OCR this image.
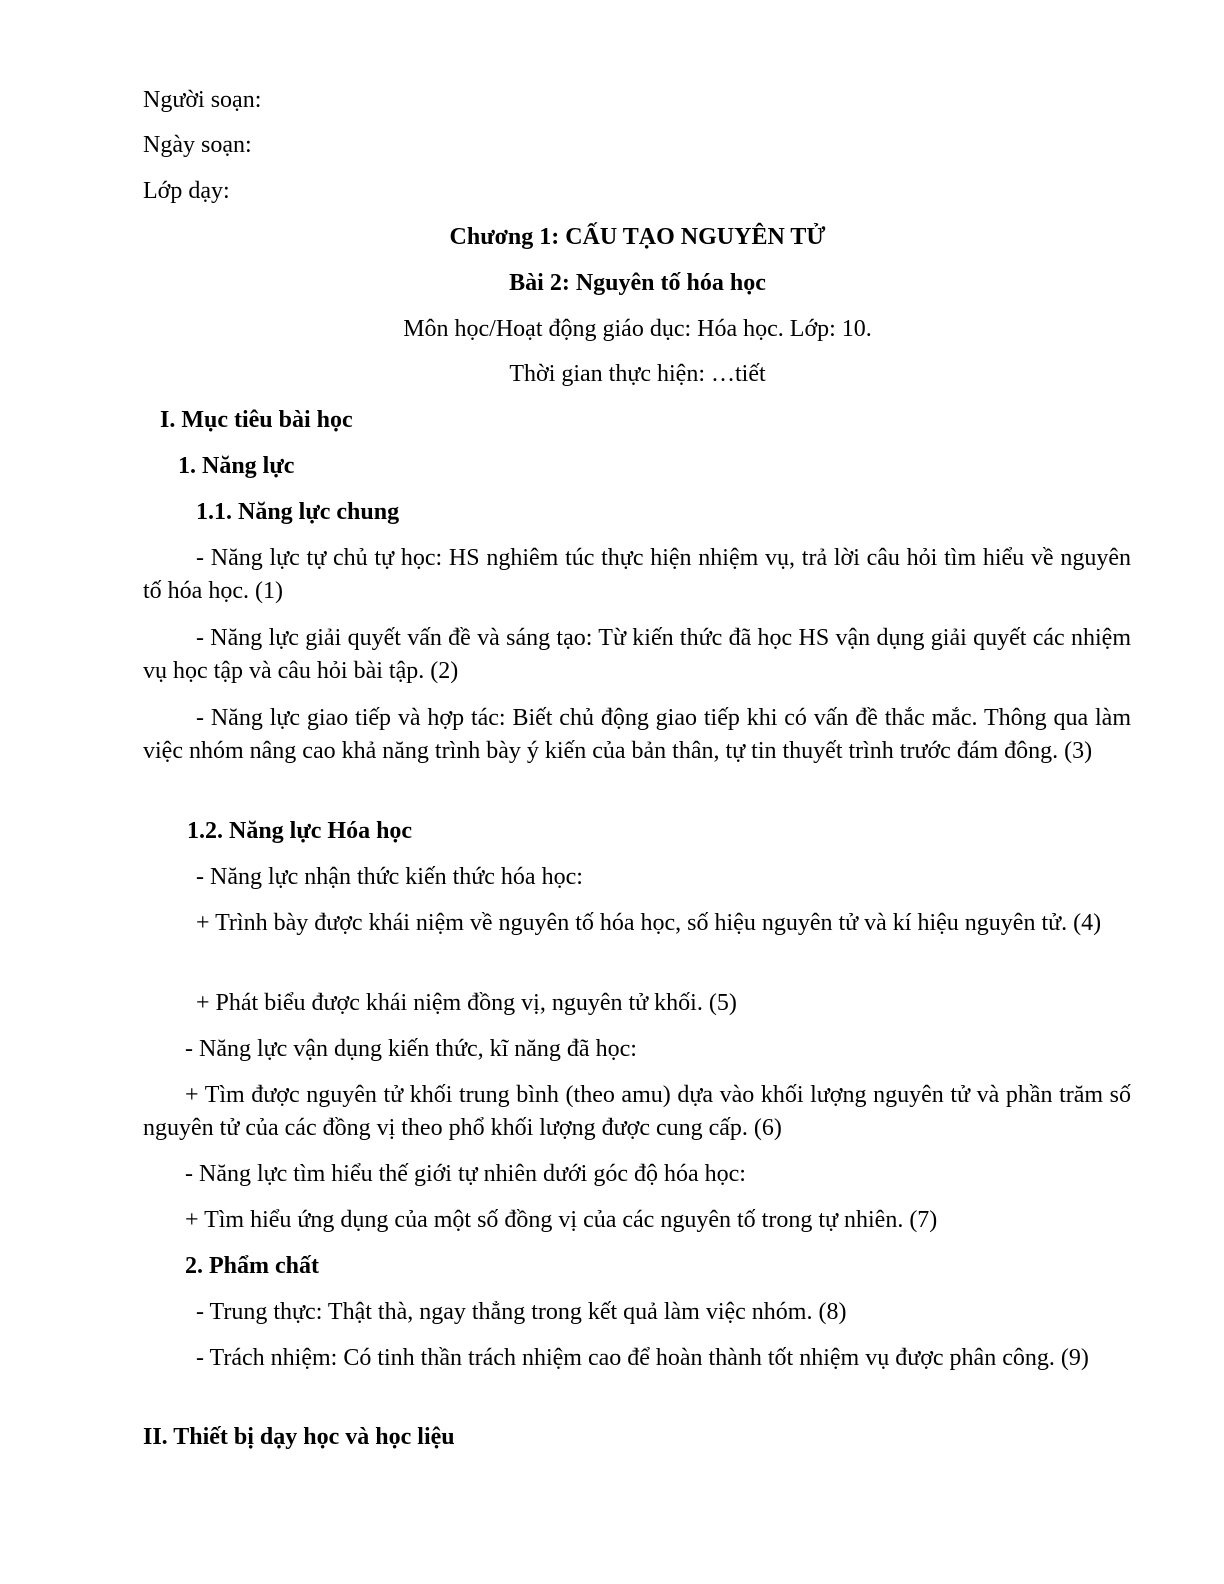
Người soạn:

Ngày soạn:

Lớp dạy:

Chương 1: CẤU TẠO NGUYÊN TỬ

Bài 2: Nguyên tố hóa học

Môn học/Hoạt động giáo dục: Hóa học. Lớp: 10.

Thời gian thực hiện: …tiết

I. Mục tiêu bài học

1. Năng lực

1.1. Năng lực chung

- Năng lực tự chủ tự học: HS nghiêm túc thực hiện nhiệm vụ, trả lời câu hỏi tìm hiểu về nguyên tố hóa học. (1)

- Năng lực giải quyết vấn đề và sáng tạo: Từ kiến thức đã học HS vận dụng giải quyết các nhiệm vụ học tập và câu hỏi bài tập. (2)

- Năng lực giao tiếp và hợp tác: Biết chủ động giao tiếp khi có vấn đề thắc mắc. Thông qua làm việc nhóm nâng cao khả năng trình bày ý kiến của bản thân, tự tin thuyết trình trước đám đông. (3)

1.2. Năng lực Hóa học

- Năng lực nhận thức kiến thức hóa học:

+ Trình bày được khái niệm về nguyên tố hóa học, số hiệu nguyên tử và kí hiệu nguyên tử. (4)

+ Phát biểu được khái niệm đồng vị, nguyên tử khối. (5)

- Năng lực vận dụng kiến thức, kĩ năng đã học:

+ Tìm được nguyên tử khối trung bình (theo amu) dựa vào khối lượng nguyên tử và phần trăm số nguyên tử của các đồng vị theo phổ khối lượng được cung cấp. (6)

- Năng lực tìm hiểu thế giới tự nhiên dưới góc độ hóa học:

+ Tìm hiểu ứng dụng của một số đồng vị của các nguyên tố trong tự nhiên. (7)

2. Phẩm chất

- Trung thực: Thật thà, ngay thẳng trong kết quả làm việc nhóm. (8)

- Trách nhiệm: Có tinh thần trách nhiệm cao để hoàn thành tốt nhiệm vụ được phân công. (9)

II. Thiết bị dạy học và học liệu
